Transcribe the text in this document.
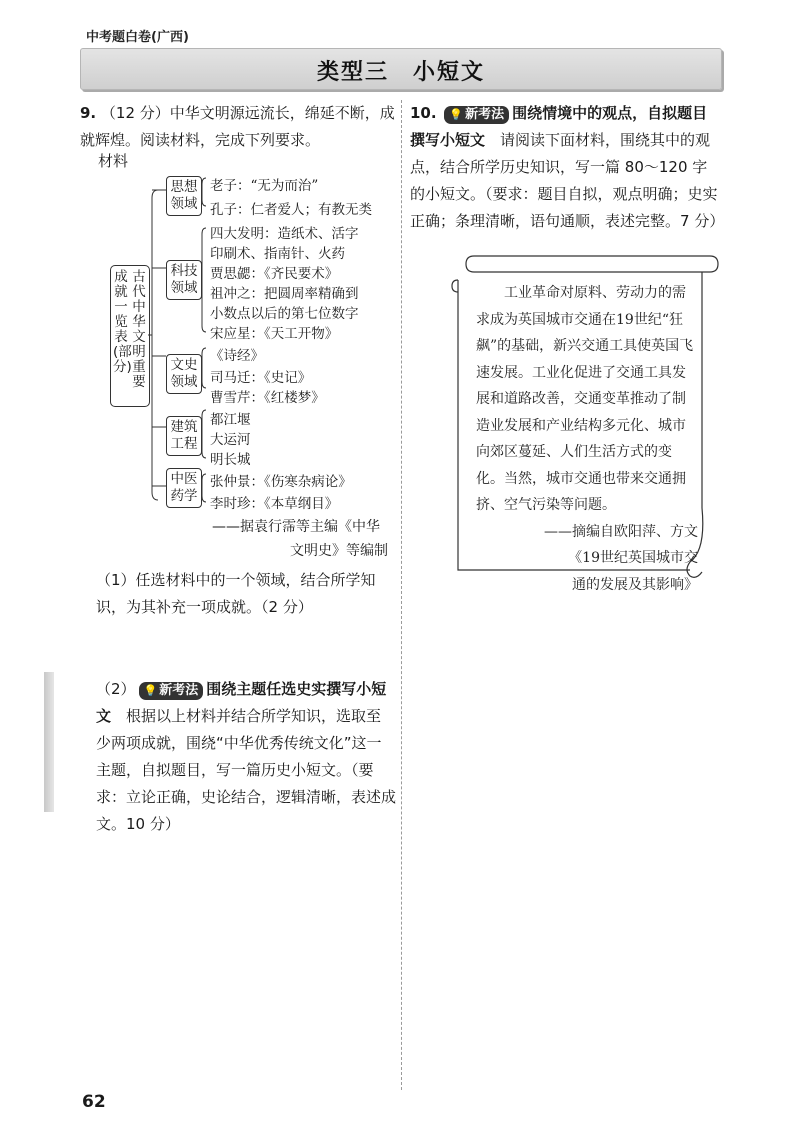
中考题白卷(广西)
类型三　小短文
9. （12 分）中华文明源远流长，绵延不断，成就辉煌。阅读材料，完成下列要求。
材料
古代中华文明重要
成就一览表(部分)
思想
领域
科技
领域
文史
领域
建筑
工程
中医
药学
老子：“无为而治”
孔子：仁者爱人；有教无类
四大发明：造纸术、活字
印刷术、指南针、火药
贾思勰：《齐民要术》
祖冲之：把圆周率精确到
小数点以后的第七位数字
宋应星：《天工开物》
《诗经》
司马迁：《史记》
曹雪芹：《红楼梦》
都江堰
大运河
明长城
张仲景：《伤寒杂病论》
李时珍：《本草纲目》
——据袁行霈等主编《中华
文明史》等编制
（1）任选材料中的一个领域，结合所学知识，为其补充一项成就。（2 分）
（2） 💡 新考法 围绕主题任选史实撰写小短文　根据以上材料并结合所学知识，选取至少两项成就，围绕“中华优秀传统文化”这一主题，自拟题目，写一篇历史小短文。（要求：立论正确，史论结合，逻辑清晰，表述成文。10 分）
10. 💡 新考法 围绕情境中的观点，自拟题目撰写小短文　请阅读下面材料，围绕其中的观点，结合所学历史知识，写一篇 80～120 字的小短文。（要求：题目自拟，观点明确；史实正确；条理清晰，语句通顺，表述完整。7 分）
工业革命对原料、劳动力的需求成为英国城市交通在19世纪“狂飙”的基础，新兴交通工具使英国飞速发展。工业化促进了交通工具发展和道路改善，交通变革推动了制造业发展和产业结构多元化、城市向郊区蔓延、人们生活方式的变化。当然，城市交通也带来交通拥挤、空气污染等问题。
——摘编自欧阳萍、方文
《19世纪英国城市交
通的发展及其影响》
62
